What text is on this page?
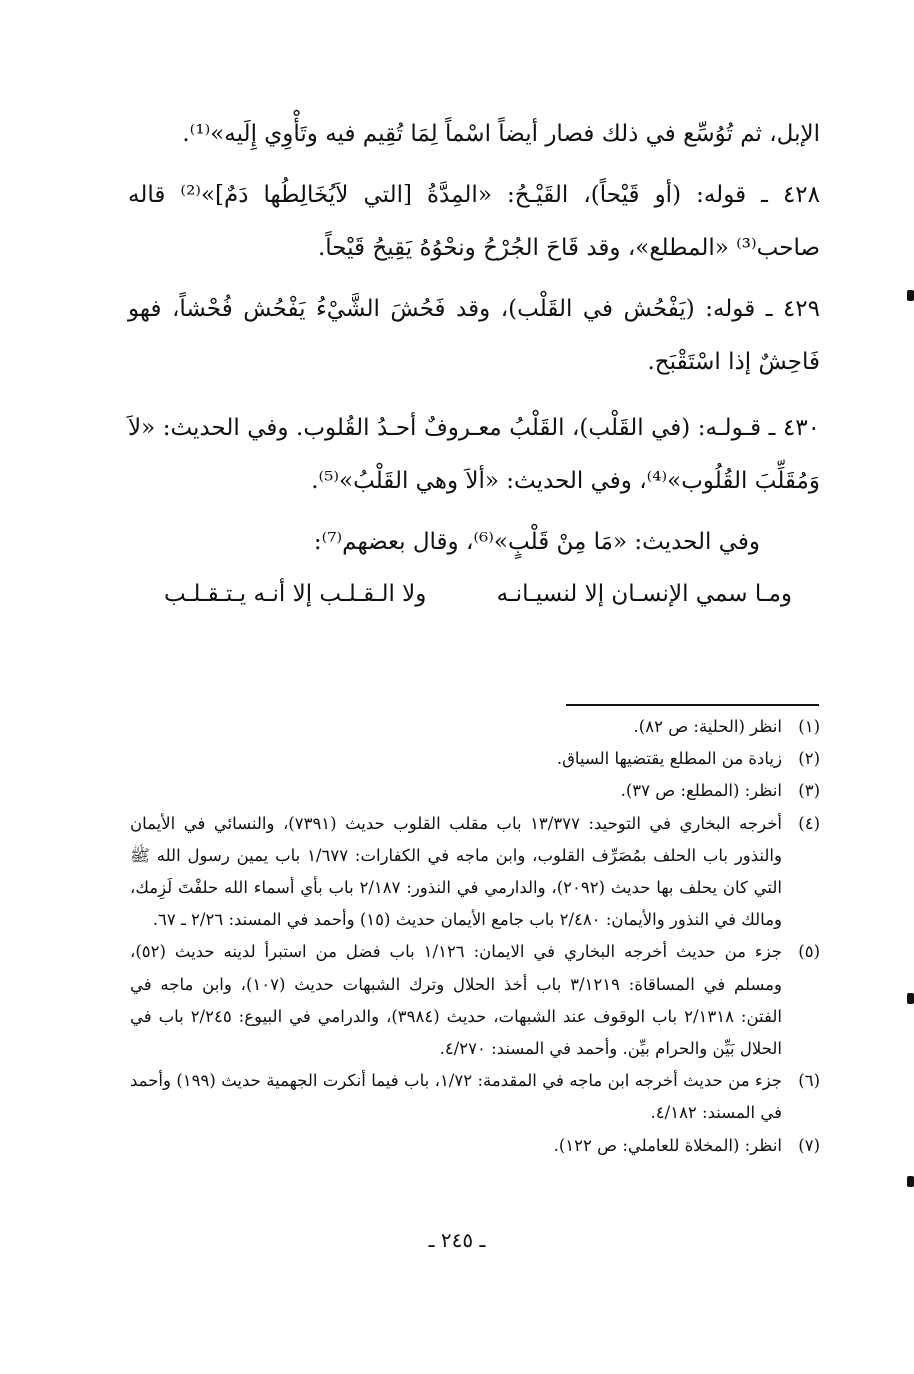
الإبل، ثم تُوُسِّع في ذلك فصار أيضاً اسْماً لِمَا تُقِيم فيه وتَأْوِي إِلَيه»⁽¹⁾.

٤٢٨ ـ قوله: (أو قَيْحاً)، القَيْـحُ: «المِدَّةُ [التي لاَيُخَالِطُها دَمٌ]»⁽²⁾ قاله صاحب⁽³⁾ «المطلع»، وقد قَاحَ الجُرْحُ ونحْوُهُ يَقِيحُ قَيْحاً.

٤٢٩ ـ قوله: (يَفْحُش في القَلْب)، وقد فَحُشَ الشَّيْءُ يَفْحُش فُحْشاً، فهو فَاحِشٌ إذا اسْتَقْبَح.

٤٣٠ ـ قـولـه: (في القَلْب)، القَلْبُ معـروفٌ أحـدُ القُلوب. وفي الحديث: «لاَ وَمُقَلِّبَ القُلُوب»⁽⁴⁾، وفي الحديث: «ألاَ وهي القَلْبُ»⁽⁵⁾.

وفي الحديث: «مَا مِنْ قَلْبٍ»⁽⁶⁾، وقال بعضهم⁽⁷⁾:

ومـا سمي الإنسـان إلا لنسيـانـه
ولا الـقـلـب إلا أنـه يـتـقـلـب
(١)
انظر (الحلية: ص ٨٢).
(٢)
زيادة من المطلع يقتضيها السياق.
(٣)
انظر: (المطلع: ص ٣٧).
(٤)
أخرجه البخاري في التوحيد: ١٣/٣٧٧ باب مقلب القلوب حديث (٧٣٩١)، والنسائي في الأيمان والنذور باب الحلف بمُصَرِّف القلوب، وابن ماجه في الكفارات: ١/٦٧٧ باب يمين رسول الله ﷺ التي كان يحلف بها حديث (٢٠٩٢)، والدارمي في النذور: ٢/١٨٧ باب بأي أسماء الله حلفْتَ لَزِمك، ومالك في النذور والأيمان: ٢/٤٨٠ باب جامع الأيمان حديث (١٥) وأحمد في المسند: ٢/٢٦ ـ ٦٧.
(٥)
جزء من حديث أخرجه البخاري في الايمان: ١/١٢٦ باب فضل من استبرأ لدينه حديث (٥٢)، ومسلم في المساقاة: ٣/١٢١٩ باب أخذ الحلال وترك الشبهات حديث (١٠٧)، وابن ماجه في الفتن: ٢/١٣١٨ باب الوقوف عند الشبهات، حديث (٣٩٨٤)، والدرامي في البيوع: ٢/٢٤٥ باب في الحلال بَيِّن والحرام بيِّن. وأحمد في المسند: ٤/٢٧٠.
(٦)
جزء من حديث أخرجه ابن ماجه في المقدمة: ١/٧٢، باب فيما أنكرت الجهمية حديث (١٩٩) وأحمد في المسند: ٤/١٨٢.
(٧)
انظر: (المخلاة للعاملي: ص ١٢٢).
ـ ٢٤٥ ـ
